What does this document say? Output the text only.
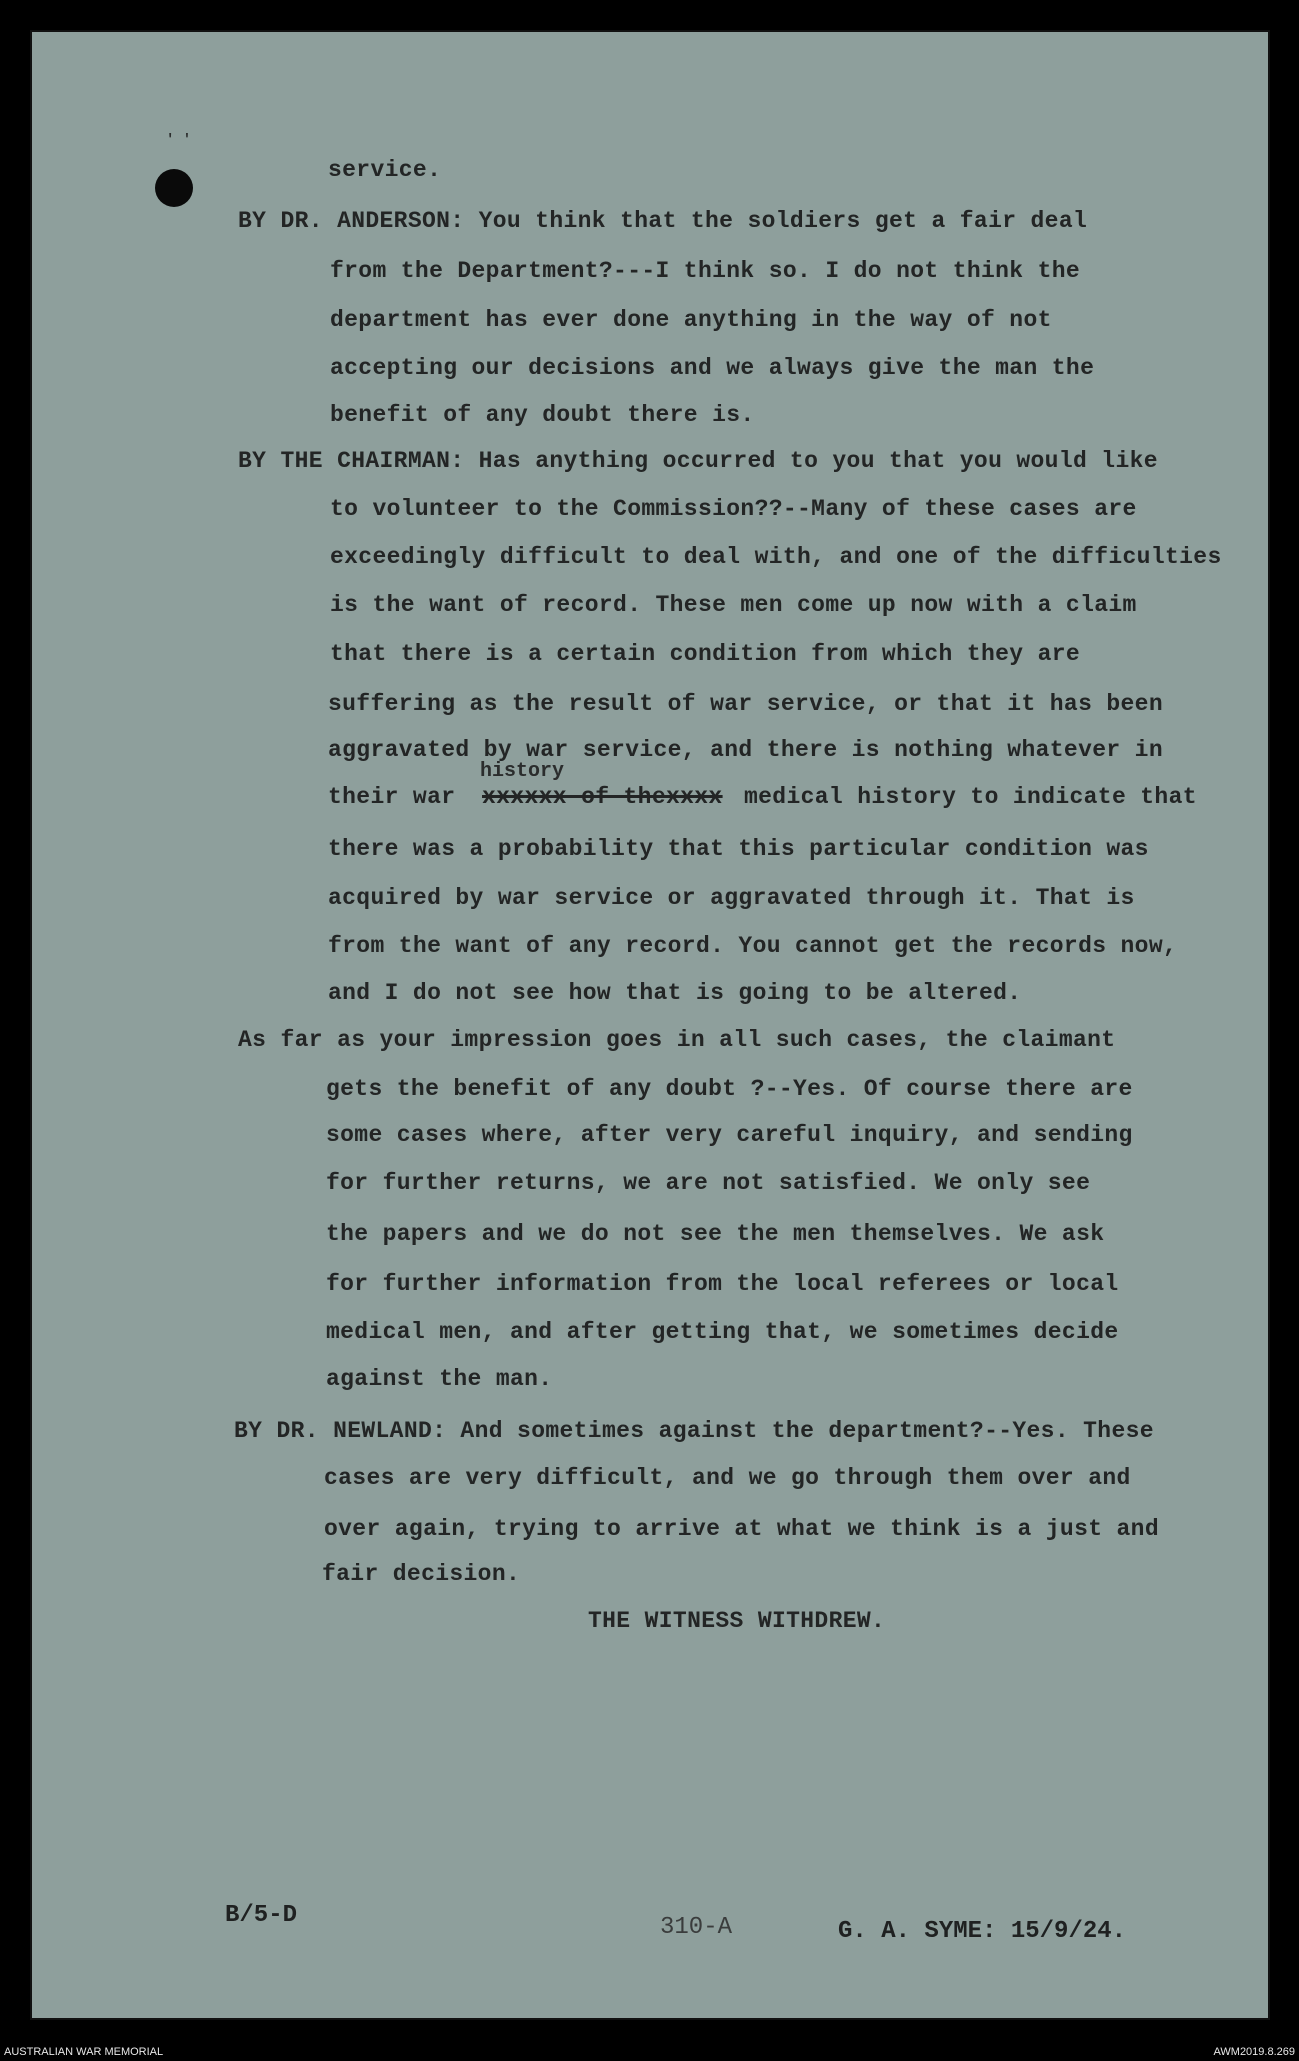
' '
service.
BY DR. ANDERSON: You think that the soldiers get a fair deal
from the Department?---I think so. I do not think the
department has ever done anything in the way of not
accepting our decisions and we always give the man the
benefit of any doubt there is.
BY THE CHAIRMAN: Has anything occurred to you that you would like
to volunteer to the Commission??--Many of these cases are
exceedingly difficult to deal with, and one of the difficulties
is the want of record. These men come up now with a claim
that there is a certain condition from which they are
suffering as the result of war service, or that it has been
aggravated by war service, and there is nothing whatever in
history
their war xxxxxx of thexxxx medical history to indicate that
there was a probability that this particular condition was
acquired by war service or aggravated through it. That is
from the want of any record. You cannot get the records now,
and I do not see how that is going to be altered.
As far as your impression goes in all such cases, the claimant
gets the benefit of any doubt ?--Yes. Of course there are
some cases where, after very careful inquiry, and sending
for further returns, we are not satisfied. We only see
the papers and we do not see the men themselves. We ask
for further information from the local referees or local
medical men, and after getting that, we sometimes decide
against the man.
BY DR. NEWLAND: And sometimes against the department?--Yes. These
cases are very difficult, and we go through them over and
over again, trying to arrive at what we think is a just and
fair decision.
THE WITNESS WITHDREW.
B/5-D	310-A	G. A. SYME: 15/9/24.
AUSTRALIAN WAR MEMORIAL	AWM2019.8.269
